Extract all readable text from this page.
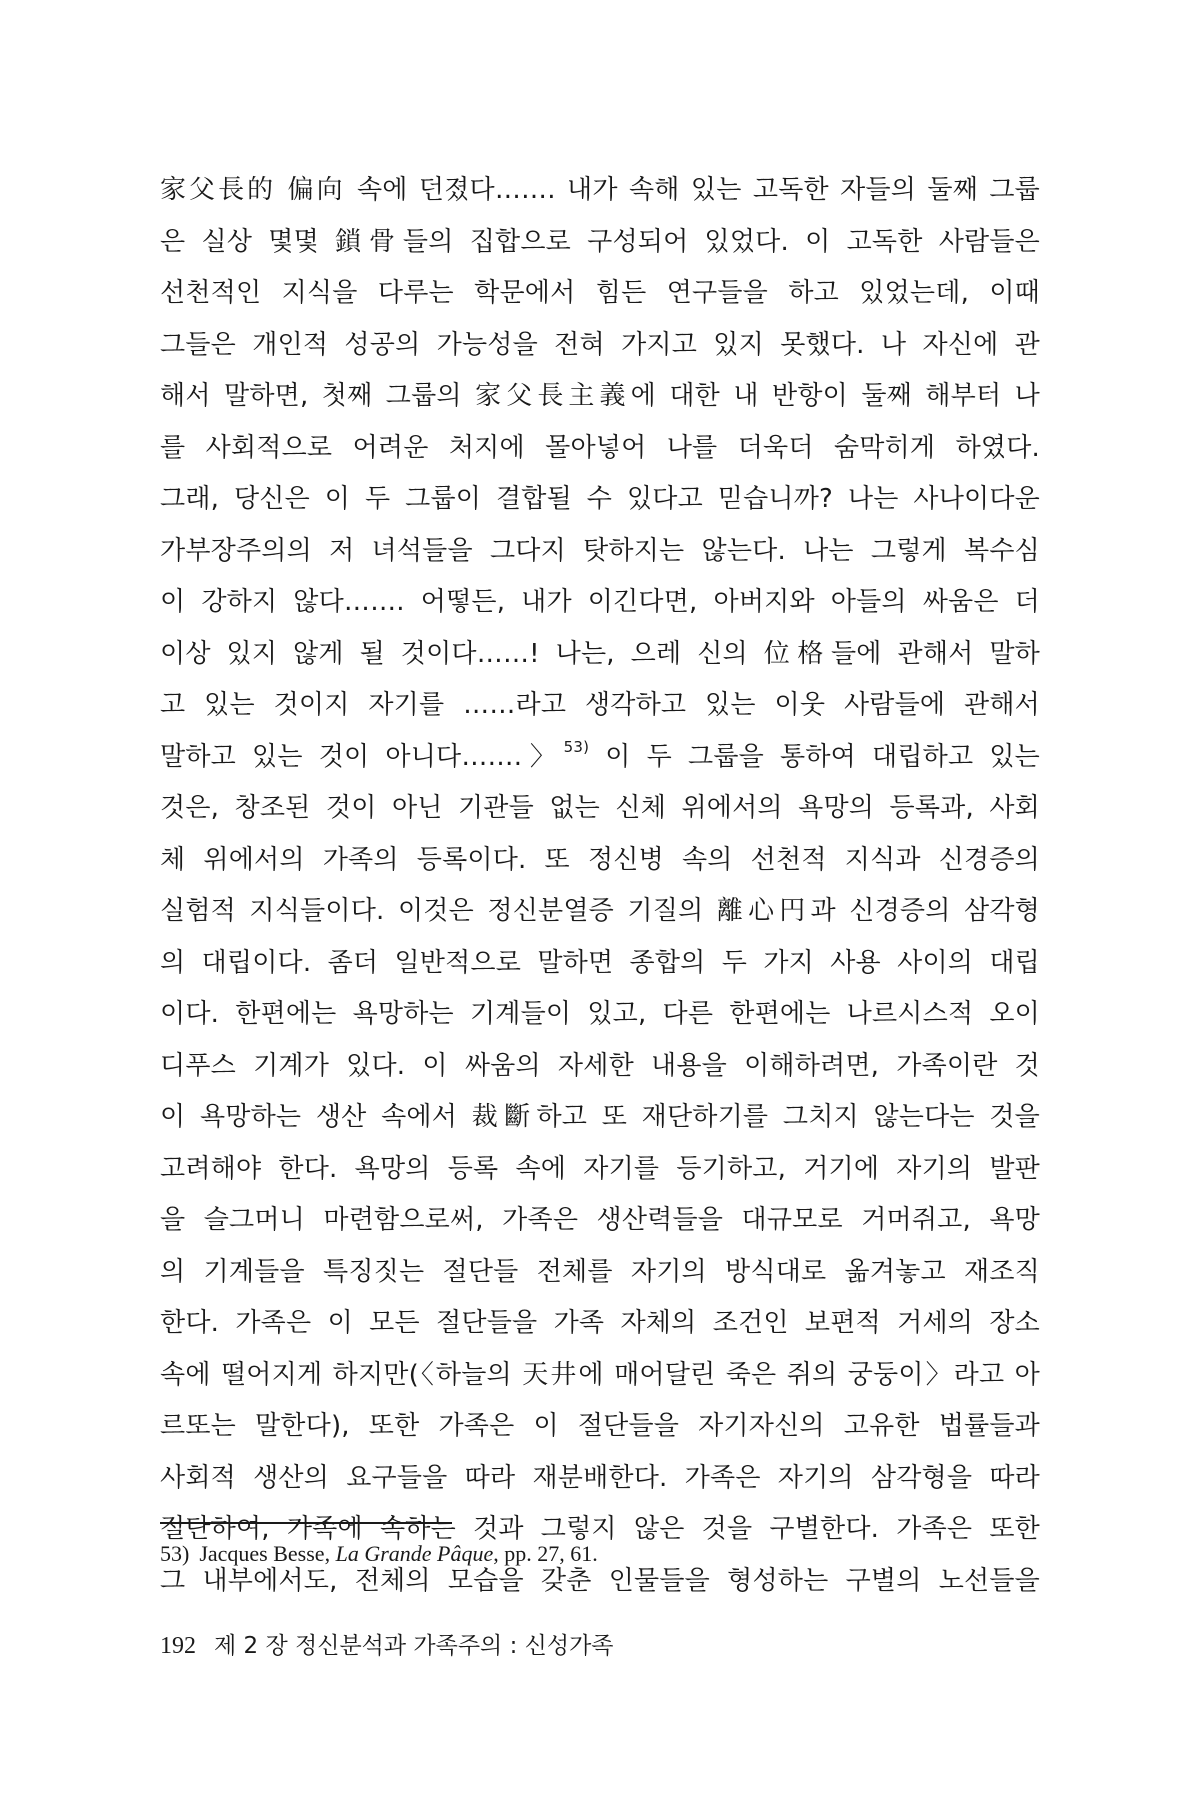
家父長的 偏向 속에 던졌다……. 내가 속해 있는 고독한 자들의 둘째 그룹
은 실상 몇몇 鎖骨들의 집합으로 구성되어 있었다. 이 고독한 사람들은
선천적인 지식을 다루는 학문에서 힘든 연구들을 하고 있었는데, 이때
그들은 개인적 성공의 가능성을 전혀 가지고 있지 못했다. 나 자신에 관
해서 말하면, 첫째 그룹의 家父長主義에 대한 내 반항이 둘째 해부터 나
를 사회적으로 어려운 처지에 몰아넣어 나를 더욱더 숨막히게 하였다.
그래, 당신은 이 두 그룹이 결합될 수 있다고 믿습니까? 나는 사나이다운
가부장주의의 저 녀석들을 그다지 탓하지는 않는다. 나는 그렇게 복수심
이 강하지 않다……. 어떻든, 내가 이긴다면, 아버지와 아들의 싸움은 더
이상 있지 않게 될 것이다……! 나는, 으레 신의 位格들에 관해서 말하
고 있는 것이지 자기를 ……라고 생각하고 있는 이웃 사람들에 관해서
말하고 있는 것이 아니다…….〉$^{53)}$ 이 두 그룹을 통하여 대립하고 있는
것은, 창조된 것이 아닌 기관들 없는 신체 위에서의 욕망의 등록과, 사회
체 위에서의 가족의 등록이다. 또 정신병 속의 선천적 지식과 신경증의
실험적 지식들이다. 이것은 정신분열증 기질의 離心円과 신경증의 삼각형
의 대립이다. 좀더 일반적으로 말하면 종합의 두 가지 사용 사이의 대립
이다. 한편에는 욕망하는 기계들이 있고, 다른 한편에는 나르시스적 오이
디푸스 기계가 있다. 이 싸움의 자세한 내용을 이해하려면, 가족이란 것
이 욕망하는 생산 속에서 裁斷하고 또 재단하기를 그치지 않는다는 것을
고려해야 한다. 욕망의 등록 속에 자기를 등기하고, 거기에 자기의 발판
을 슬그머니 마련함으로써, 가족은 생산력들을 대규모로 거머쥐고, 욕망
의 기계들을 특징짓는 절단들 전체를 자기의 방식대로 옮겨놓고 재조직
한다. 가족은 이 모든 절단들을 가족 자체의 조건인 보편적 거세의 장소
속에 떨어지게 하지만(〈하늘의 天井에 매어달린 죽은 쥐의 궁둥이〉라고 아
르또는 말한다), 또한 가족은 이 절단들을 자기자신의 고유한 법률들과
사회적 생산의 요구들을 따라 재분배한다. 가족은 자기의 삼각형을 따라
절단하여, 가족에 속하는 것과 그렇지 않은 것을 구별한다. 가족은 또한
그 내부에서도, 전체의 모습을 갖춘 인물들을 형성하는 구별의 노선들을
53) Jacques Besse, La Grande Pâque, pp. 27, 61.
192 제 2 장 정신분석과 가족주의 : 신성가족
